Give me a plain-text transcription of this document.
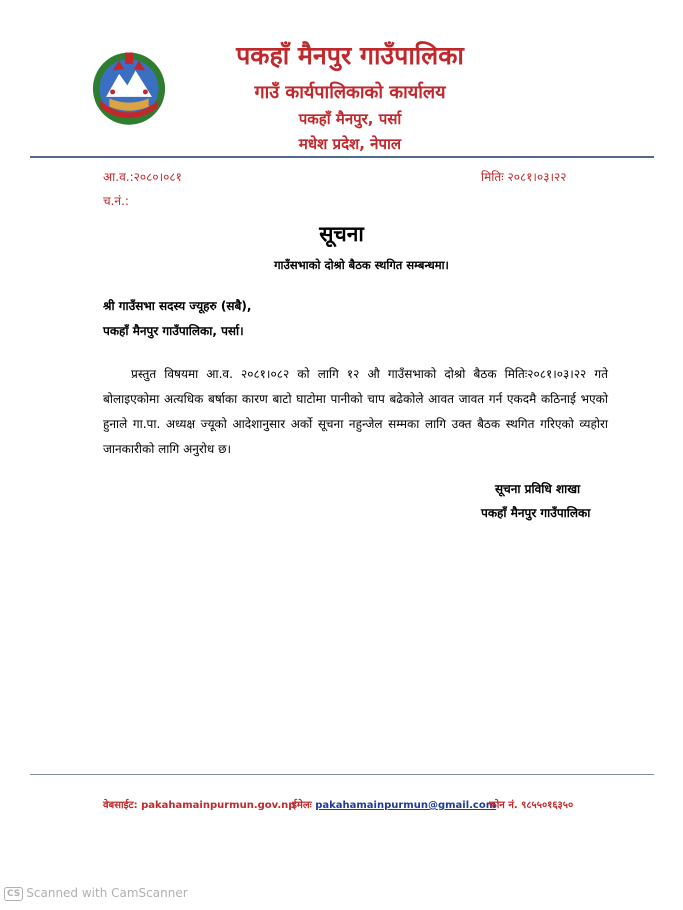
पकहाँ मैनपुर गाउँपालिका
गाउँ कार्यपालिकाको कार्यालय
पकहाँ मैनपुर, पर्सा
मधेश प्रदेश, नेपाल
आ.व.:२०८०।०८१
च.नं.:
मितिः २०८१।०३।२२
सूचना
गाउँसभाको दोश्रो बैठक स्थगित सम्बन्धमा।
श्री गाउँसभा सदस्य ज्यूहरु (सबै),
पकहाँ मैनपुर गाउँपालिका, पर्सा।

प्रस्तुत विषयमा आ.व. २०८१।०८२ को लागि १२ औ गाउँसभाको दोश्रो बैठक मितिः२०८१।०३।२२ गते बोलाइएकोमा अत्यधिक बर्षाका कारण बाटो घाटोमा पानीको चाप बढेकोले आवत जावत गर्न एकदमै कठिनाई भएको हुनाले गा.पा. अध्यक्ष ज्यूको आदेशानुसार अर्को सूचना नहुन्जेल सम्मका लागि उक्त बैठक स्थगित गरिएको व्यहोरा जानकारीको लागि अनुरोध छ।

सूचना प्रविधि शाखा
पकहाँ मैनपुर गाउँपालिका
वेबसाईट: pakahamainpurmun.gov.np
ईमेलः pakahamainpurmun@gmail.com
फोन नं. ९८५५०१६३५०
CS Scanned with CamScanner
